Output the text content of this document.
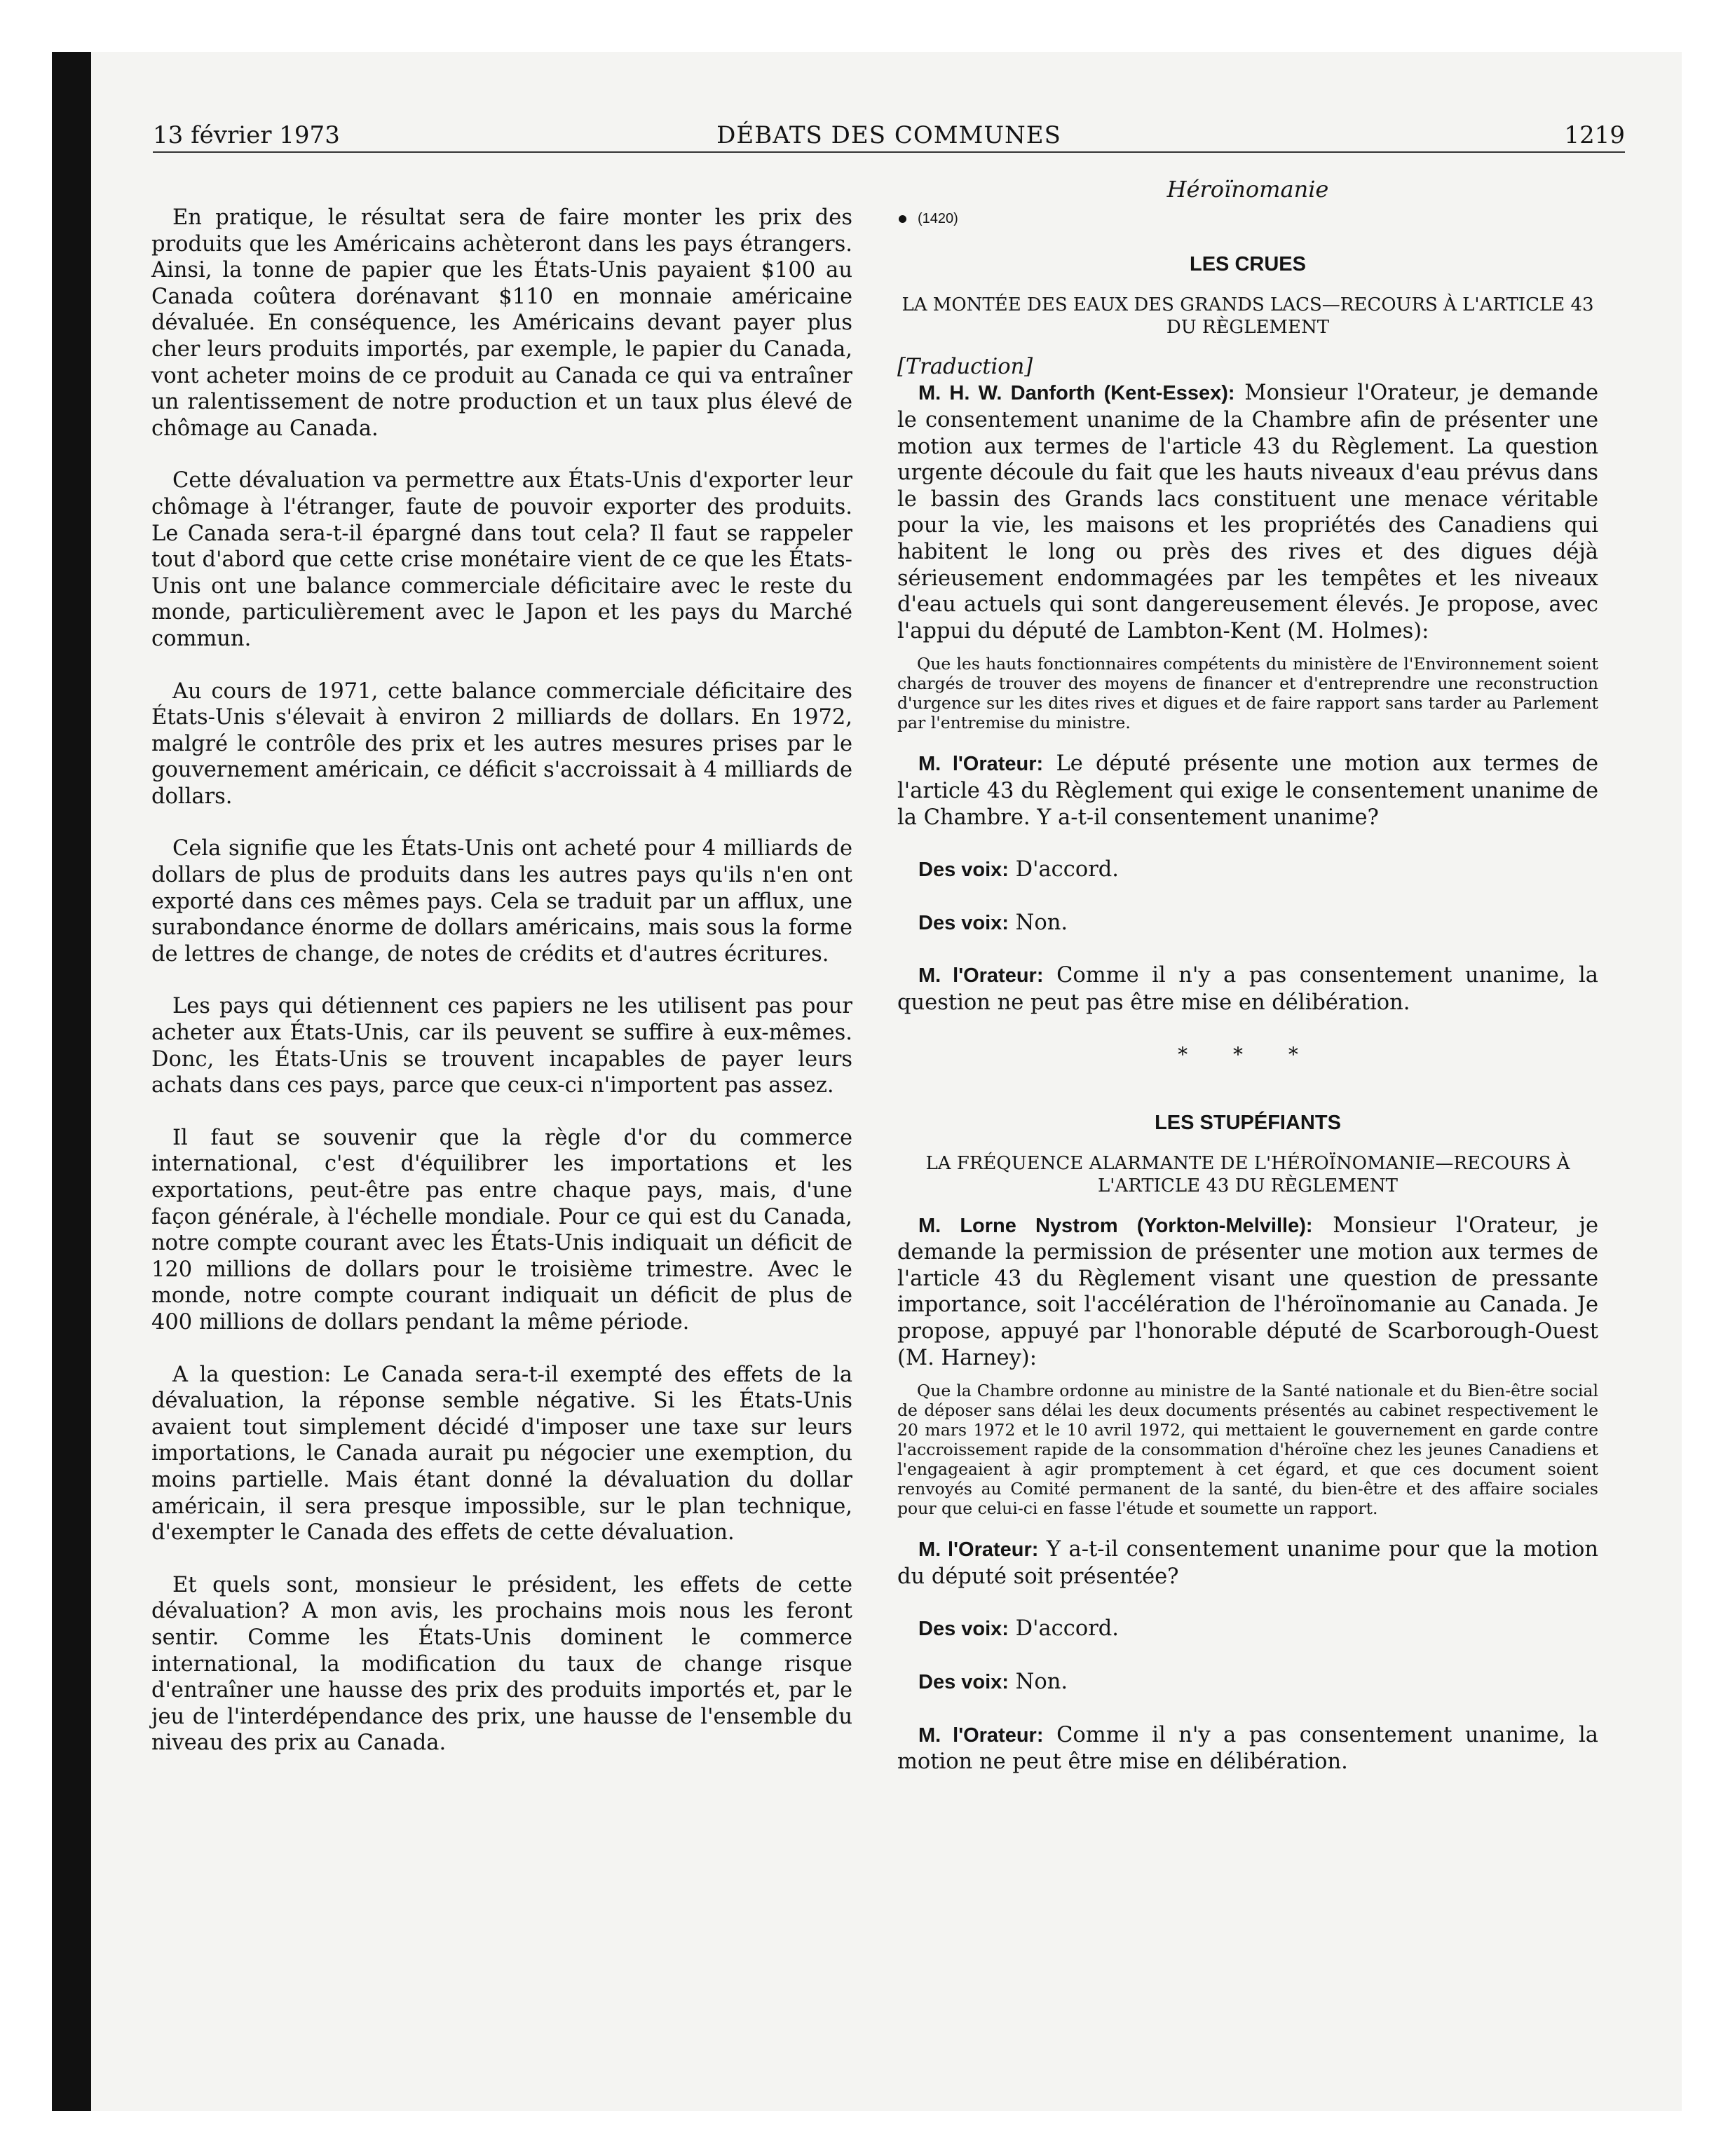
13 février 1973	DÉBATS DES COMMUNES	1219

En pratique, le résultat sera de faire monter les prix des produits que les Américains achèteront dans les pays étrangers. Ainsi, la tonne de papier que les États-Unis payaient $100 au Canada coûtera dorénavant $110 en monnaie américaine dévaluée. En conséquence, les Américains devant payer plus cher leurs produits importés, par exemple, le papier du Canada, vont acheter moins de ce produit au Canada ce qui va entraîner un ralentissement de notre production et un taux plus élevé de chômage au Canada.

Cette dévaluation va permettre aux États-Unis d'exporter leur chômage à l'étranger, faute de pouvoir exporter des produits. Le Canada sera-t-il épargné dans tout cela? Il faut se rappeler tout d'abord que cette crise monétaire vient de ce que les États-Unis ont une balance commerciale déficitaire avec le reste du monde, particulièrement avec le Japon et les pays du Marché commun.

Au cours de 1971, cette balance commerciale déficitaire des États-Unis s'élevait à environ 2 milliards de dollars. En 1972, malgré le contrôle des prix et les autres mesures prises par le gouvernement américain, ce déficit s'accroissait à 4 milliards de dollars.

Cela signifie que les États-Unis ont acheté pour 4 milliards de dollars de plus de produits dans les autres pays qu'ils n'en ont exporté dans ces mêmes pays. Cela se traduit par un afflux, une surabondance énorme de dollars américains, mais sous la forme de lettres de change, de notes de crédits et d'autres écritures.

Les pays qui détiennent ces papiers ne les utilisent pas pour acheter aux États-Unis, car ils peuvent se suffire à eux-mêmes. Donc, les États-Unis se trouvent incapables de payer leurs achats dans ces pays, parce que ceux-ci n'importent pas assez.

Il faut se souvenir que la règle d'or du commerce international, c'est d'équilibrer les importations et les exportations, peut-être pas entre chaque pays, mais, d'une façon générale, à l'échelle mondiale. Pour ce qui est du Canada, notre compte courant avec les États-Unis indiquait un déficit de 120 millions de dollars pour le troisième trimestre. Avec le monde, notre compte courant indiquait un déficit de plus de 400 millions de dollars pendant la même période.

A la question: Le Canada sera-t-il exempté des effets de la dévaluation, la réponse semble négative. Si les États-Unis avaient tout simplement décidé d'imposer une taxe sur leurs importations, le Canada aurait pu négocier une exemption, du moins partielle. Mais étant donné la dévaluation du dollar américain, il sera presque impossible, sur le plan technique, d'exempter le Canada des effets de cette dévaluation.

Et quels sont, monsieur le président, les effets de cette dévaluation? A mon avis, les prochains mois nous les feront sentir. Comme les États-Unis dominent le commerce international, la modification du taux de change risque d'entraîner une hausse des prix des produits importés et, par le jeu de l'interdépendance des prix, une hausse de l'ensemble du niveau des prix au Canada.

Héroïnomanie

(1420)

LES CRUES

LA MONTÉE DES EAUX DES GRANDS LACS—RECOURS À L'ARTICLE 43 DU RÈGLEMENT

[Traduction]

M. H. W. Danforth (Kent-Essex): Monsieur l'Orateur, je demande le consentement unanime de la Chambre afin de présenter une motion aux termes de l'article 43 du Règlement. La question urgente découle du fait que les hauts niveaux d'eau prévus dans le bassin des Grands lacs constituent une menace véritable pour la vie, les maisons et les propriétés des Canadiens qui habitent le long ou près des rives et des digues déjà sérieusement endommagées par les tempêtes et les niveaux d'eau actuels qui sont dangereusement élevés. Je propose, avec l'appui du député de Lambton-Kent (M. Holmes):

Que les hauts fonctionnaires compétents du ministère de l'Environnement soient chargés de trouver des moyens de financer et d'entreprendre une reconstruction d'urgence sur les dites rives et digues et de faire rapport sans tarder au Parlement par l'entremise du ministre.

M. l'Orateur: Le député présente une motion aux termes de l'article 43 du Règlement qui exige le consentement unanime de la Chambre. Y a-t-il consentement unanime?

Des voix: D'accord.

Des voix: Non.

M. l'Orateur: Comme il n'y a pas consentement unanime, la question ne peut pas être mise en délibération.

* * *

LES STUPÉFIANTS

LA FRÉQUENCE ALARMANTE DE L'HÉROÏNOMANIE—RECOURS À L'ARTICLE 43 DU RÈGLEMENT

M. Lorne Nystrom (Yorkton-Melville): Monsieur l'Orateur, je demande la permission de présenter une motion aux termes de l'article 43 du Règlement visant une question de pressante importance, soit l'accélération de l'héroïnomanie au Canada. Je propose, appuyé par l'honorable député de Scarborough-Ouest (M. Harney):

Que la Chambre ordonne au ministre de la Santé nationale et du Bien-être social de déposer sans délai les deux documents présentés au cabinet respectivement le 20 mars 1972 et le 10 avril 1972, qui mettaient le gouvernement en garde contre l'accroissement rapide de la consommation d'héroïne chez les jeunes Canadiens et l'engageaient à agir promptement à cet égard, et que ces document soient renvoyés au Comité permanent de la santé, du bien-être et des affaire sociales pour que celui-ci en fasse l'étude et soumette un rapport.

M. l'Orateur: Y a-t-il consentement unanime pour que la motion du député soit présentée?

Des voix: D'accord.

Des voix: Non.

M. l'Orateur: Comme il n'y a pas consentement unanime, la motion ne peut être mise en délibération.
